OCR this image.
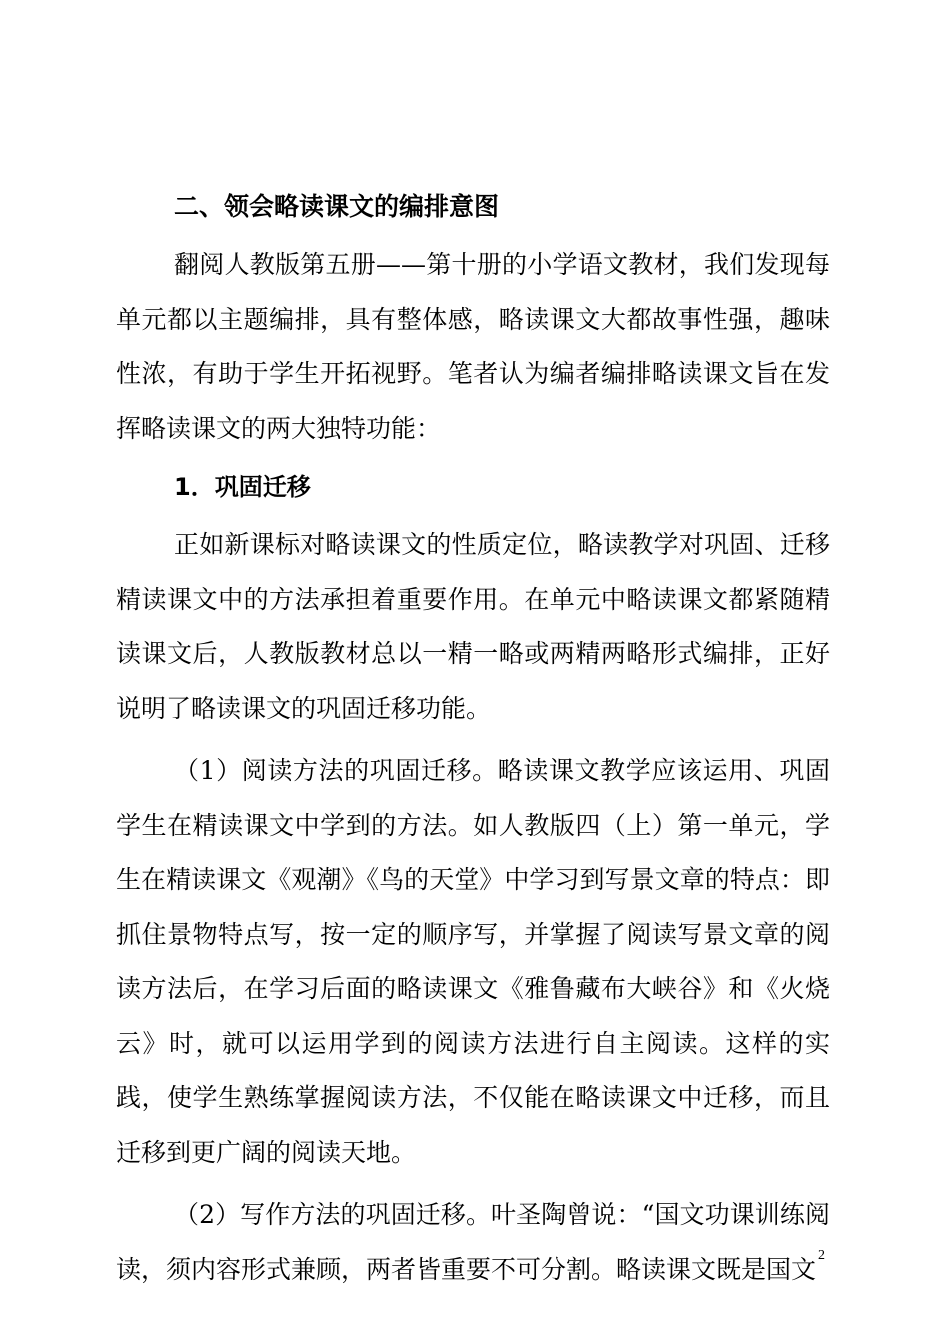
二、领会略读课文的编排意图

翻阅人教版第五册——第十册的小学语文教材，我们发现每单元都以主题编排，具有整体感，略读课文大都故事性强，趣味性浓，有助于学生开拓视野。笔者认为编者编排略读课文旨在发挥略读课文的两大独特功能：

1．巩固迁移

正如新课标对略读课文的性质定位，略读教学对巩固、迁移精读课文中的方法承担着重要作用。在单元中略读课文都紧随精读课文后，人教版教材总以一精一略或两精两略形式编排，正好说明了略读课文的巩固迁移功能。

（1）阅读方法的巩固迁移。略读课文教学应该运用、巩固学生在精读课文中学到的方法。如人教版四（上）第一单元，学生在精读课文《观潮》《鸟的天堂》中学习到写景文章的特点：即抓住景物特点写，按一定的顺序写，并掌握了阅读写景文章的阅读方法后，在学习后面的略读课文《雅鲁藏布大峡谷》和《火烧云》时，就可以运用学到的阅读方法进行自主阅读。这样的实践，使学生熟练掌握阅读方法，不仅能在略读课文中迁移，而且迁移到更广阔的阅读天地。

（2）写作方法的巩固迁移。叶圣陶曾说：“国文功课训练阅读，须内容形式兼顾，两者皆重要不可分割。略读课文既是国文 2
